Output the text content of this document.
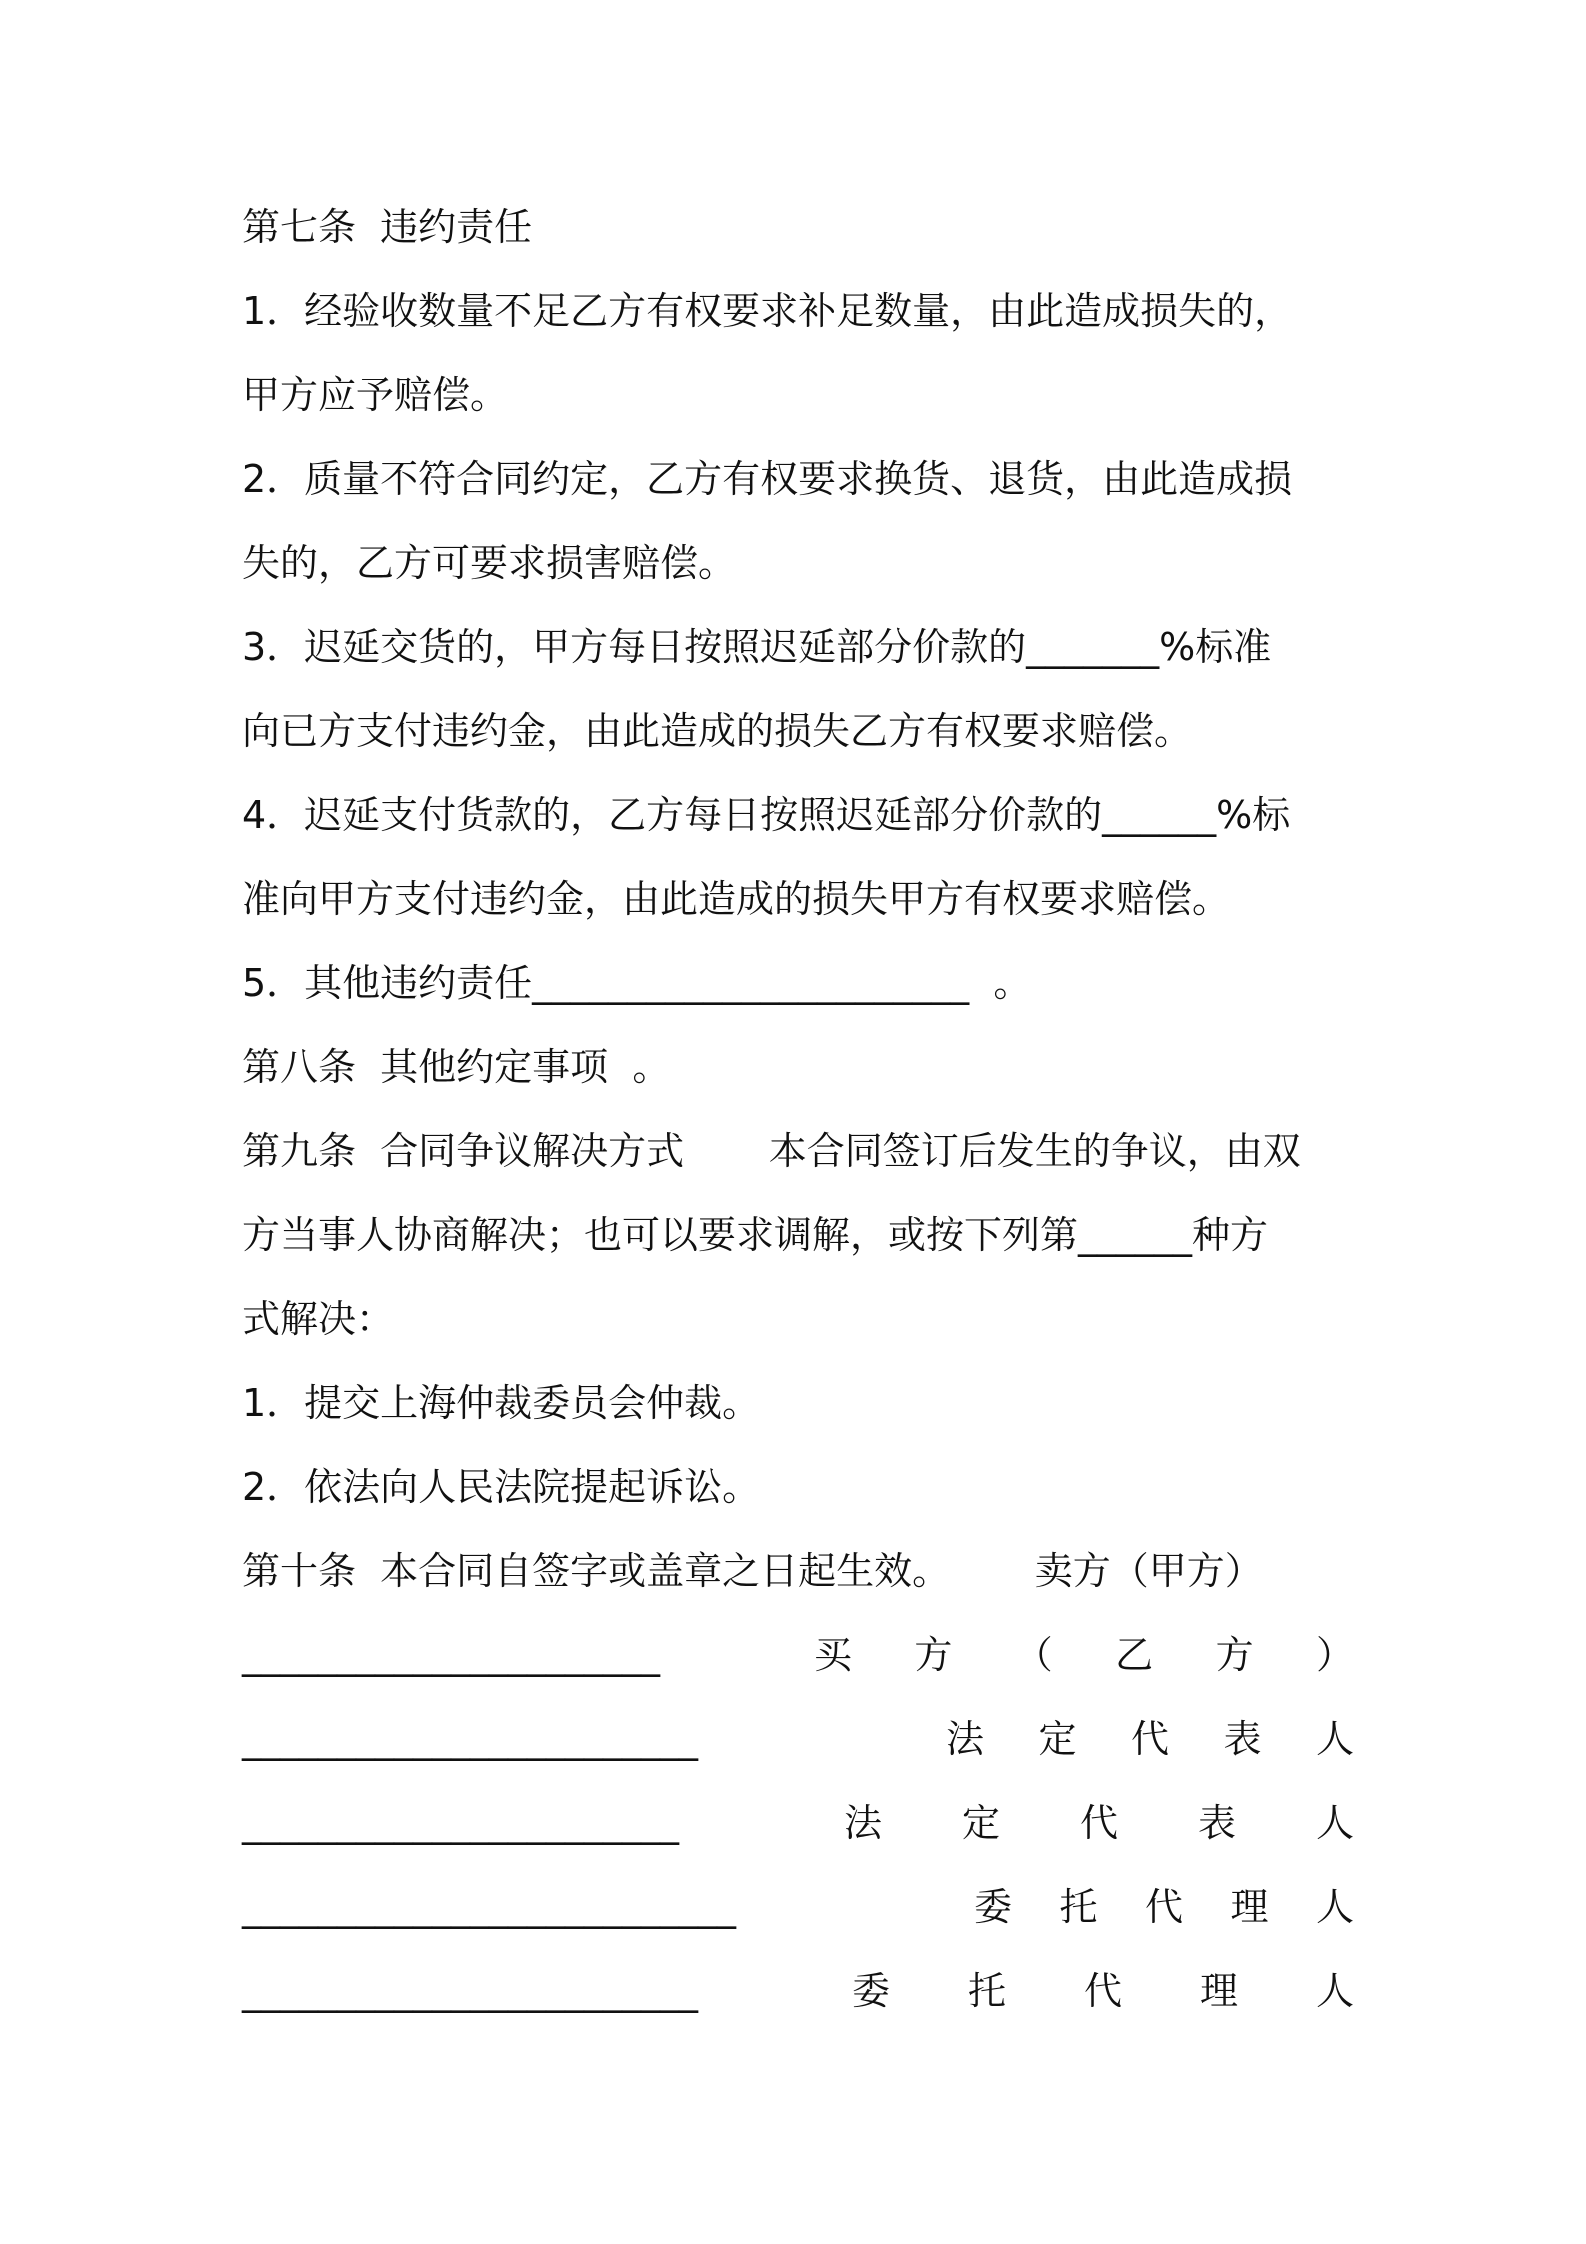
第七条  违约责任
1．经验收数量不足乙方有权要求补足数量，由此造成损失的，
甲方应予赔偿。
2．质量不符合同约定，乙方有权要求换货、退货，由此造成损
失的，乙方可要求损害赔偿。
3．迟延交货的，甲方每日按照迟延部分价款的_______%标准
向已方支付违约金，由此造成的损失乙方有权要求赔偿。
4．迟延支付货款的，乙方每日按照迟延部分价款的______%标
准向甲方支付违约金，由此造成的损失甲方有权要求赔偿。
5．其他违约责任_______________________  。
第八条  其他约定事项  。
第九条  合同争议解决方式       本合同签订后发生的争议，由双
方当事人协商解决；也可以要求调解，或按下列第______种方
式解决：
1．提交上海仲裁委员会仲裁。
2．依法向人民法院提起诉讼。
第十条  本合同自签字或盖章之日起生效。       卖方（甲方）

______________________

	买 方 （ 乙 方 ）

________________________

	法 定 代 表 人

_______________________

	法 定 代 表 人

__________________________

	委 托 代 理 人

________________________

	委 托 代 理 人
